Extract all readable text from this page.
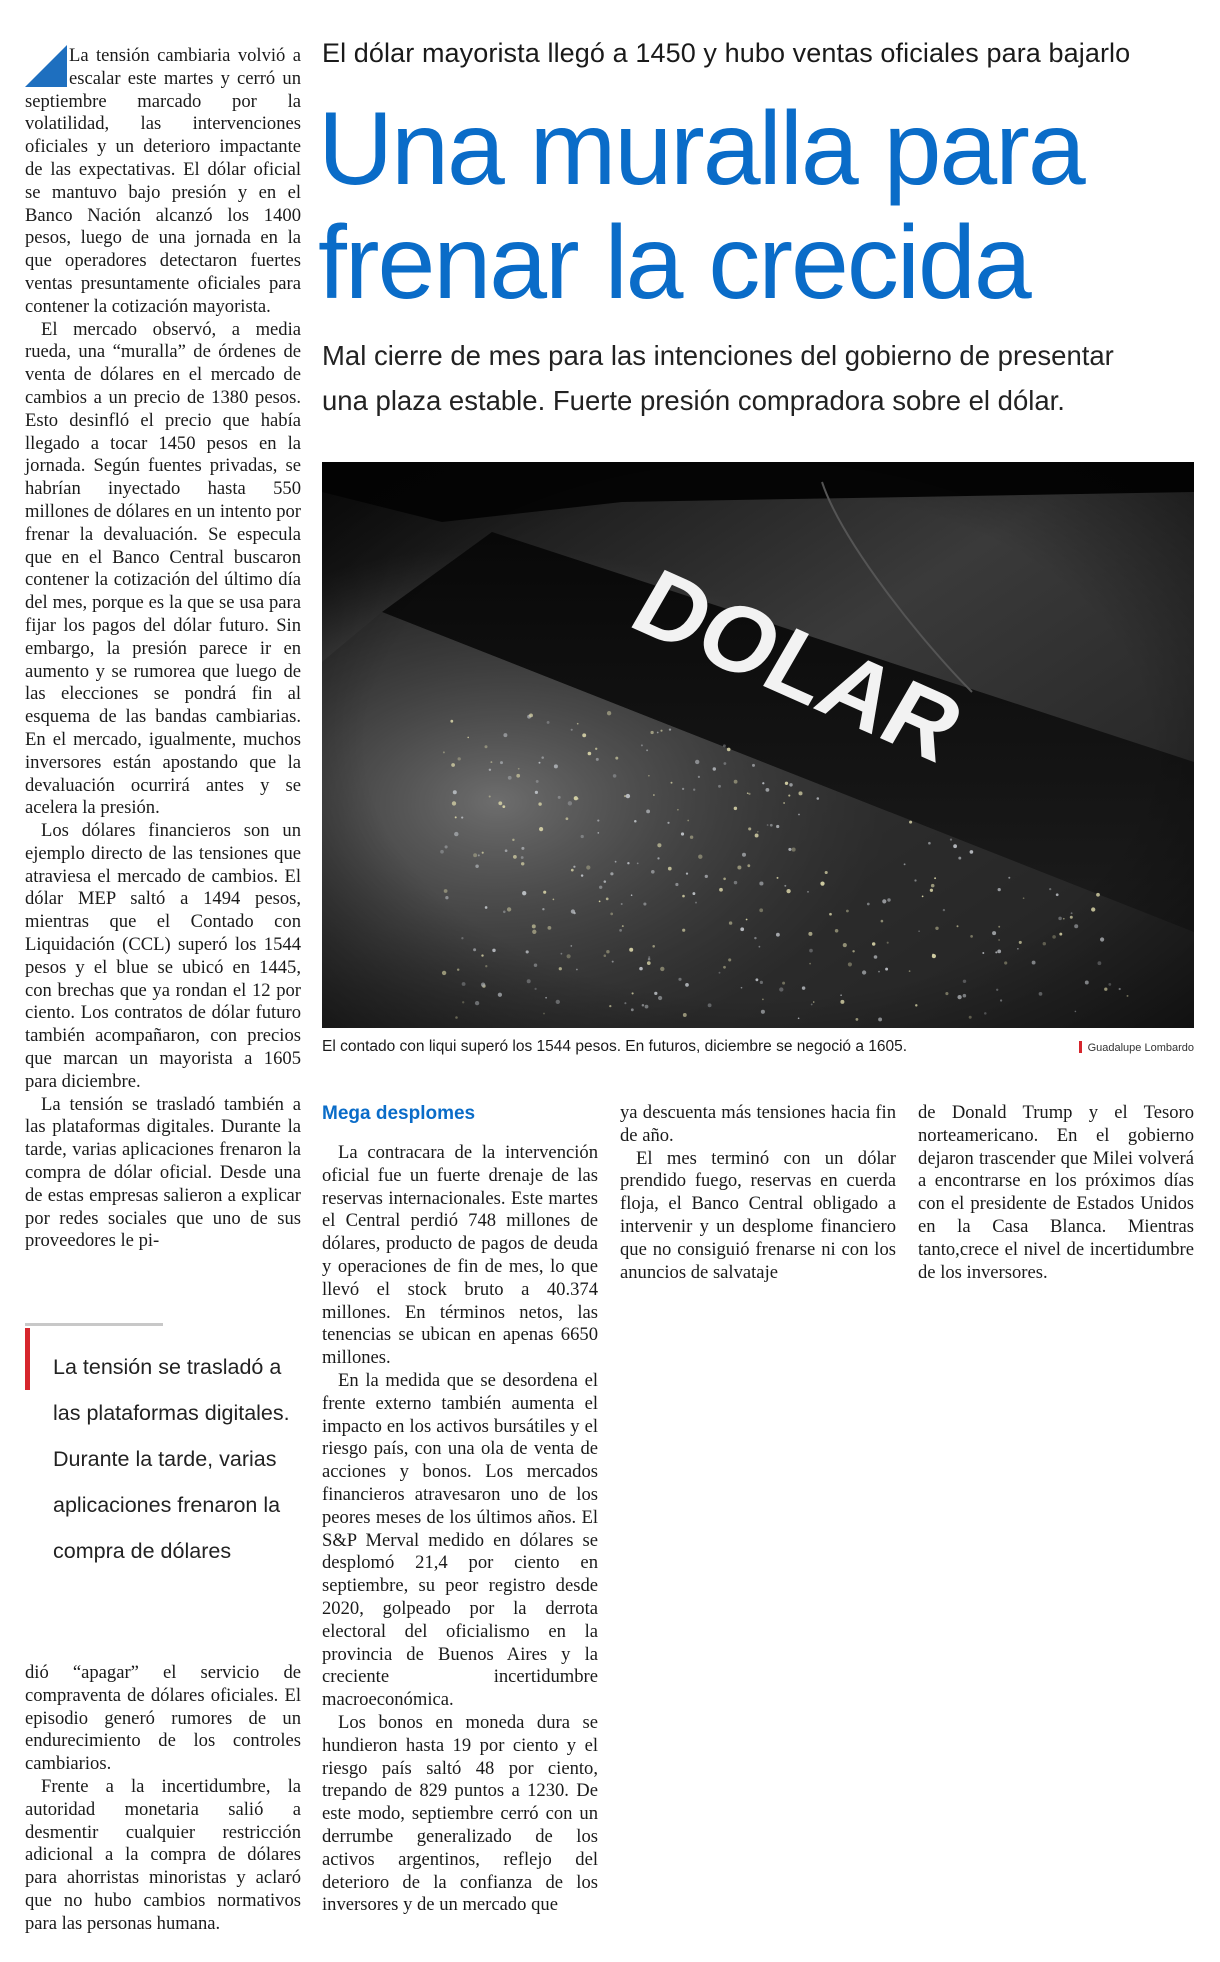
El dólar mayorista llegó a 1450 y hubo ventas oficiales para bajarlo
Una muralla para
frenar la crecida
Mal cierre de mes para las intenciones del gobierno de presentar
una plaza estable. Fuerte presión compradora sobre el dólar.
El contado con liqui superó los 1544 pesos. En futuros, diciembre se negoció a 1605.	Guadalupe Lombardo

La tensión cambiaria volvió a escalar este martes y cerró un septiembre marcado por la volatilidad, las intervenciones oficiales y un deterioro impactante de las expectativas. El dólar oficial se mantuvo bajo presión y en el Banco Nación alcanzó los 1400 pesos, luego de una jornada en la que operadores detectaron fuertes ventas presuntamente oficiales para contener la cotización mayorista.

El mercado observó, a media rueda, una “muralla” de órdenes de venta de dólares en el mercado de cambios a un precio de 1380 pesos. Esto desinfló el precio que había llegado a tocar 1450 pesos en la jornada. Según fuentes privadas, se habrían inyectado hasta 550 millones de dólares en un intento por frenar la devaluación. Se especula que en el Banco Central buscaron contener la cotización del último día del mes, porque es la que se usa para fijar los pagos del dólar futuro. Sin embargo, la presión parece ir en aumento y se rumorea que luego de las elecciones se pondrá fin al esquema de las bandas cambiarias. En el mercado, igualmente, muchos inversores están apostando que la devaluación ocurrirá antes y se acelera la presión.

Los dólares financieros son un ejemplo directo de las tensiones que atraviesa el mercado de cambios. El dólar MEP saltó a 1494 pesos, mientras que el Contado con Liquidación (CCL) superó los 1544 pesos y el blue se ubicó en 1445, con brechas que ya rondan el 12 por ciento. Los contratos de dólar futuro también acompañaron, con precios que marcan un mayorista a 1605 para diciembre.

La tensión se trasladó también a las plataformas digitales. Durante la tarde, varias aplicaciones frenaron la compra de dólar oficial. Desde una de estas empresas salieron a explicar por redes sociales que uno de sus proveedores le pi-

La tensión se trasladó a las plataformas digitales. Durante la tarde, varias aplicaciones frenaron la compra de dólares

dió “apagar” el servicio de compraventa de dólares oficiales. El episodio generó rumores de un endurecimiento de los controles cambiarios.

Frente a la incertidumbre, la autoridad monetaria salió a desmentir cualquier restricción adicional a la compra de dólares para ahorristas minoristas y aclaró que no hubo cambios normativos para las personas humana.

Mega desplomes

La contracara de la intervención oficial fue un fuerte drenaje de las reservas internacionales. Este martes el Central perdió 748 millones de dólares, producto de pagos de deuda y operaciones de fin de mes, lo que llevó el stock bruto a 40.374 millones. En términos netos, las tenencias se ubican en apenas 6650 millones.

En la medida que se desordena el frente externo también aumenta el impacto en los activos bursátiles y el riesgo país, con una ola de venta de acciones y bonos. Los mercados financieros atravesaron uno de los peores meses de los últimos años. El S&P Merval medido en dólares se desplomó 21,4 por ciento en septiembre, su peor registro desde 2020, golpeado por la derrota electoral del oficialismo en la provincia de Buenos Aires y la creciente incertidumbre macroeconómica.

Los bonos en moneda dura se hundieron hasta 19 por ciento y el riesgo país saltó 48 por ciento, trepando de 829 puntos a 1230. De este modo, septiembre cerró con un derrumbe generalizado de los activos argentinos, reflejo del deterioro de la confianza de los inversores y de un mercado que

ya descuenta más tensiones hacia fin de año.

El mes terminó con un dólar prendido fuego, reservas en cuerda floja, el Banco Central obligado a intervenir y un desplome financiero que no consiguió frenarse ni con los anuncios de salvataje

de Donald Trump y el Tesoro norteamericano. En el gobierno dejaron trascender que Milei volverá a encontrarse en los próximos días con el presidente de Estados Unidos en la Casa Blanca. Mientras tanto,crece el nivel de incertidumbre de los inversores.
